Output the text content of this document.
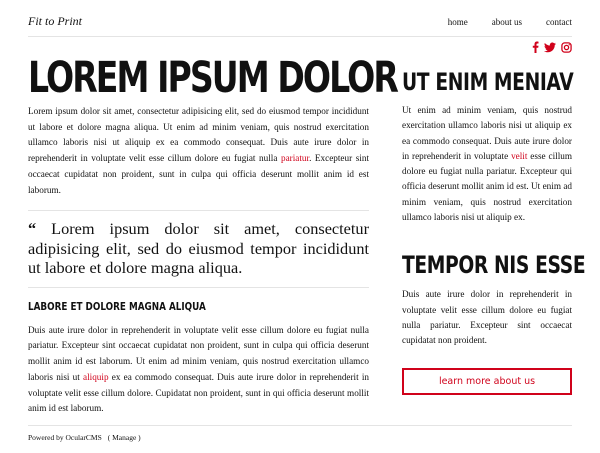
Fit to Print	home	about us	contact
LOREM IPSUM DOLOR

Lorem ipsum dolor sit amet, consectetur adipisicing elit, sed do eiusmod tempor incididunt ut labore et dolore magna aliqua. Ut enim ad minim veniam, quis nostrud exercitation ullamco laboris nisi ut aliquip ex ea commodo consequat. Duis aute irure dolor in reprehenderit in voluptate velit esse cillum dolore eu fugiat nulla pariatur. Excepteur sint occaecat cupidatat non proident, sunt in culpa qui officia deserunt mollit anim id est laborum.

“ Lorem ipsum dolor sit amet, consectetur adipisicing elit, sed do eiusmod tempor incididunt ut labore et dolore magna aliqua.

LABORE ET DOLORE MAGNA ALIQUA

Duis aute irure dolor in reprehenderit in voluptate velit esse cillum dolore eu fugiat nulla pariatur. Excepteur sint occaecat cupidatat non proident, sunt in culpa qui officia deserunt mollit anim id est laborum. Ut enim ad minim veniam, quis nostrud exercitation ullamco laboris nisi ut aliquip ex ea commodo consequat. Duis aute irure dolor in reprehenderit in voluptate velit esse cillum dolore. Cupidatat non proident, sunt in qui officia deserunt mollit anim id est laborum.

UT ENIM MENIAV

Ut enim ad minim veniam, quis nostrud exercitation ullamco laboris nisi ut aliquip ex ea commodo consequat. Duis aute irure dolor in reprehenderit in voluptate velit esse cillum dolore eu fugiat nulla pariatur. Excepteur qui officia deserunt mollit anim id est. Ut enim ad minim veniam, quis nostrud exercitation ullamco laboris nisi ut aliquip ex.

TEMPOR NIS ESSE

Duis aute irure dolor in reprehenderit in voluptate velit esse cillum dolore eu fugiat nulla pariatur. Excepteur sint occaecat cupidatat non proident.

learn more about us
Powered by OcularCMS ( Manage )
